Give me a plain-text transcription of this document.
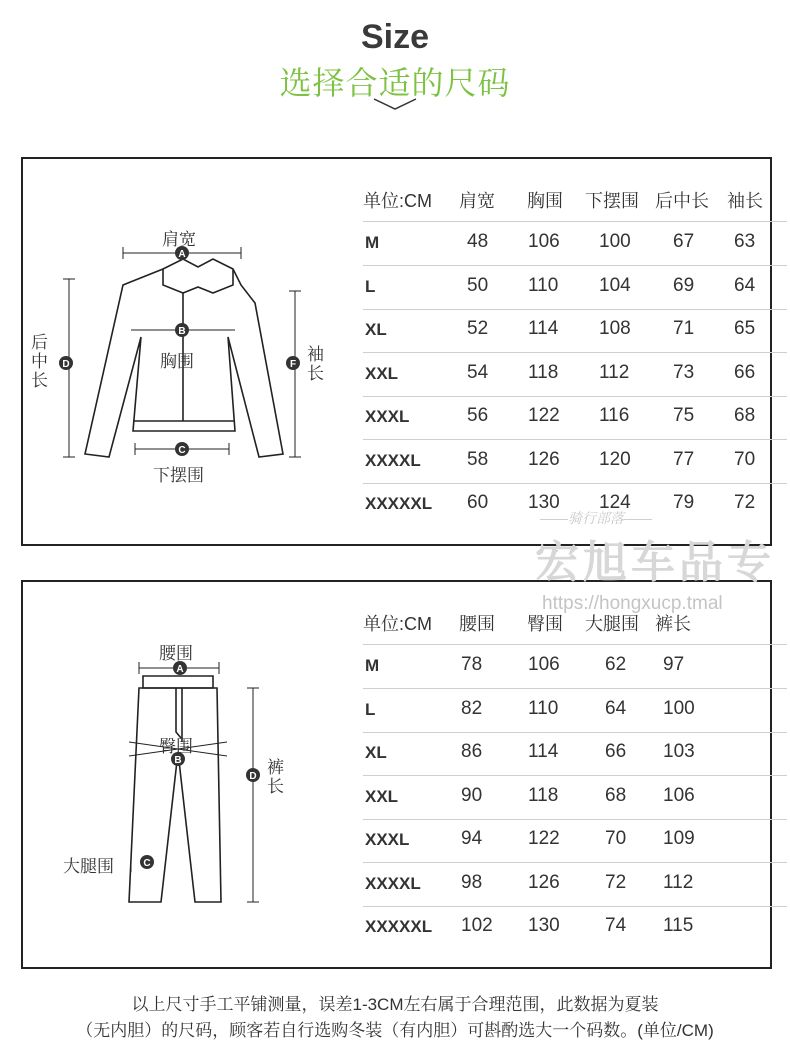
Size
选择合适的尺码
A
B
C
D	F
肩宽
胸围
下摆围
后中长
袖长
单位:CM 肩宽 胸围 下摆围 后中长 袖长
M	48 106 100 67 63
L	50 110 104 69 64
XL	52 114 108 71 65
XXL	54 118 112 73 66
XXXL	56 122 116 75 68
XXXXL 58 126 120 77 70
XXXXXL 60 130 124 79 72
A
B
C
D
腰围
臀围
大腿围
裤长
单位:CM 腰围 臀围 大腿围 裤长
M	78 106 62 97
L	82 110 64 100
XL	86 114 66 103
XXL	90 118 68 106
XXXL	94 122 70 109
XXXXL 98 126 72 112
XXXXXL 102 130 74 115
——骑行部落——
宏旭车品专
https://hongxucp.tmal
以上尺寸手工平铺测量，误差1-3CM左右属于合理范围，此数据为夏装
（无内胆）的尺码，顾客若自行选购冬装（有内胆）可斟酌选大一个码数。(单位/CM)
